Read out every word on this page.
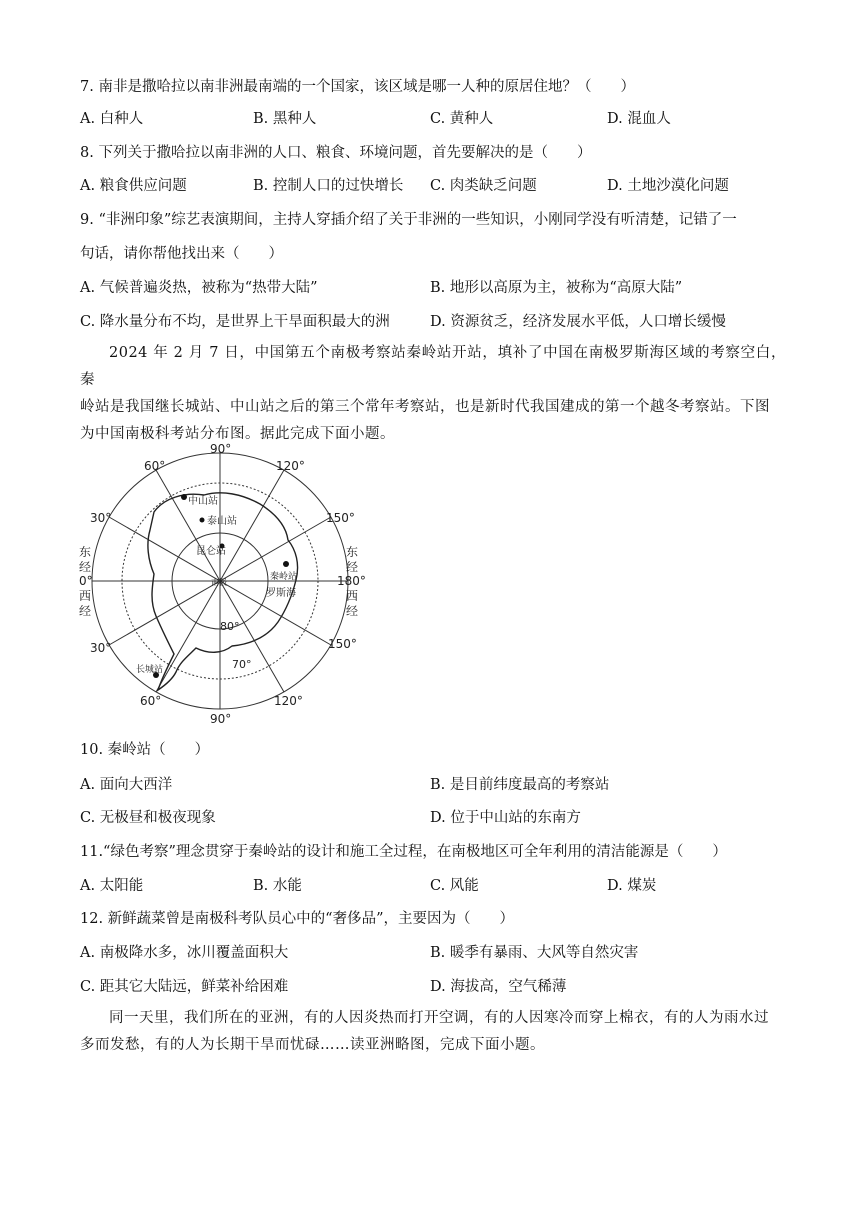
7. 南非是撒哈拉以南非洲最南端的一个国家，该区域是哪一人种的原居住地？（　　）
A. 白种人	B. 黑种人	C. 黄种人	D. 混血人
8. 下列关于撒哈拉以南非洲的人口、粮食、环境问题，首先要解决的是（　　）
A. 粮食供应问题	B. 控制人口的过快增长 C. 肉类缺乏问题	D. 土地沙漠化问题
9. “非洲印象”综艺表演期间，主持人穿插介绍了关于非洲的一些知识，小刚同学没有听清楚，记错了一
句话，请你帮他找出来（　　）
A. 气候普遍炎热，被称为“热带大陆”	B. 地形以高原为主，被称为“高原大陆”
C. 降水量分布不均，是世界上干旱面积最大的洲	D. 资源贫乏，经济发展水平低，人口增长缓慢

2024 年 2 月 7 日，中国第五个南极考察站秦岭站开站，填补了中国在南极罗斯海区域的考察空白，秦

岭站是我国继长城站、中山站之后的第三个常年考察站，也是新时代我国建成的第一个越冬考察站。下图

为中国南极科考站分布图。据此完成下面小题。

90°
90°
60°	120°
30°	150°
30°	150°
60°	120°
0°	180°
东
经
西
经
东
经
西
经
80°
70°
中山站
泰山站
昆仑站
南极
秦岭站
罗斯海
长城站
10. 秦岭站（　　）
A. 面向大西洋	B. 是目前纬度最高的考察站
C. 无极昼和极夜现象	D. 位于中山站的东南方
11.“绿色考察”理念贯穿于秦岭站的设计和施工全过程，在南极地区可全年利用的清洁能源是（　　）
A. 太阳能	B. 水能	C. 风能	D. 煤炭
12. 新鲜蔬菜曾是南极科考队员心中的“奢侈品”，主要因为（　　）
A. 南极降水多，冰川覆盖面积大	B. 暖季有暴雨、大风等自然灾害
C. 距其它大陆远，鲜菜补给困难	D. 海拔高，空气稀薄

同一天里，我们所在的亚洲，有的人因炎热而打开空调，有的人因寒冷而穿上棉衣，有的人为雨水过

多而发愁，有的人为长期干旱而忧碌……读亚洲略图，完成下面小题。
